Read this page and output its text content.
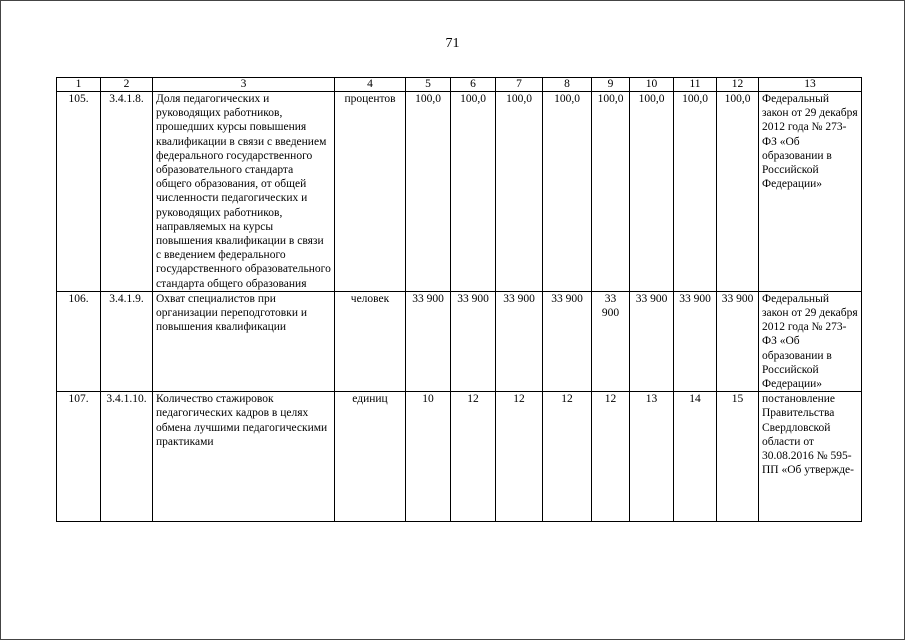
71
1	2	3	4	5	6	7	8	9	10	11	12	13
105.	3.4.1.8.	Доля педагогических и руководящих работников, прошедших курсы повышения квалификации в связи с введением федерального государственного образовательного стандарта общего образования, от общей численности педагогических и руководящих работников, направляемых на курсы повышения квалификации в связи с введением федерального государственного образовательного стандарта общего образования	процентов	100,0	100,0	100,0	100,0	100,0	100,0	100,0	100,0	Федеральный закон от 29 декабря 2012 года № 273-ФЗ «Об образовании в Российской Федерации»
106.	3.4.1.9.	Охват специалистов при организации переподготовки и повышения квалификации	человек	33 900	33 900	33 900	33 900	33 900	33 900	33 900	33 900	Федеральный закон от 29 декабря 2012 года № 273-ФЗ «Об образовании в Российской Федерации»
107.	3.4.1.10.	Количество стажировок педагогических кадров в целях обмена лучшими педагогическими практиками	единиц	10	12	12	12	12	13	14	15	постановление Правительства Свердловской области от 30.08.2016 № 595-ПП «Об утвержде-
